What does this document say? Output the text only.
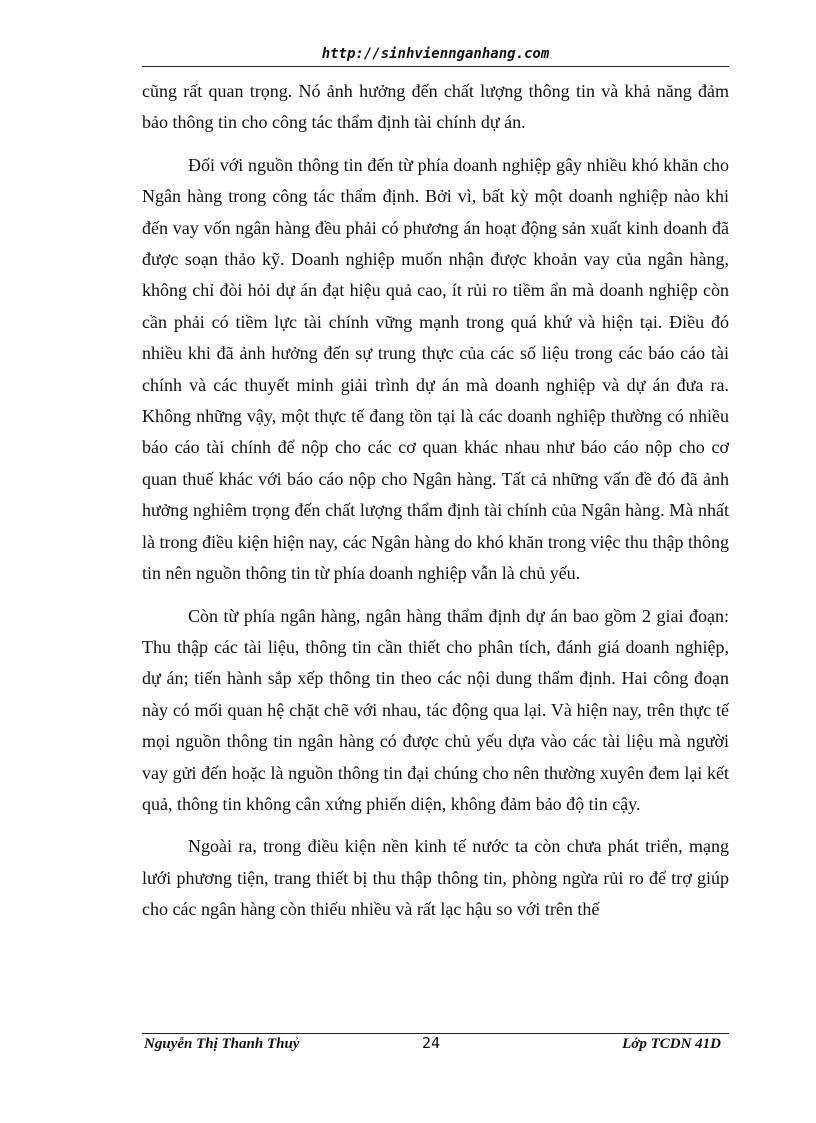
http://sinhviennganhang.com

cũng rất quan trọng. Nó ảnh hưởng đến chất lượng thông tin và khả năng đảm bảo thông tin cho công tác thẩm định tài chính dự án.

Đối với nguồn thông tin đến từ phía doanh nghiệp gây nhiều khó khăn cho Ngân hàng trong công tác thẩm định. Bởi vì, bất kỳ một doanh nghiệp nào khi đến vay vốn ngân hàng đều phải có phương án hoạt động sản xuất kinh doanh đã được soạn thảo kỹ. Doanh nghiệp muốn nhận được khoản vay của ngân hàng, không chỉ đòi hỏi dự án đạt hiệu quả cao, ít rủi ro tiềm ẩn mà doanh nghiệp còn cần phải có tiềm lực tài chính vững mạnh trong quá khứ và hiện tại. Điều đó nhiều khi đã ảnh hưởng đến sự trung thực của các số liệu trong các báo cáo tài chính và các thuyết minh giải trình dự án mà doanh nghiệp và dự án đưa ra. Không những vậy, một thực tế đang tồn tại là các doanh nghiệp thường có nhiều báo cáo tài chính để nộp cho các cơ quan khác nhau như báo cáo nộp cho cơ quan thuế khác với báo cáo nộp cho Ngân hàng. Tất cả những vấn đề đó đã ảnh hưởng nghiêm trọng đến chất lượng thẩm định tài chính của Ngân hàng. Mà nhất là trong điều kiện hiện nay, các Ngân hàng do khó khăn trong việc thu thập thông tin nên nguồn thông tin từ phía doanh nghiệp vẫn là chủ yếu.

Còn từ phía ngân hàng, ngân hàng thẩm định dự án bao gồm 2 giai đoạn: Thu thập các tài liệu, thông tin cần thiết cho phân tích, đánh giá doanh nghiệp, dự án; tiến hành sắp xếp thông tin theo các nội dung thẩm định. Hai công đoạn này có mối quan hệ chặt chẽ với nhau, tác động qua lại. Và hiện nay, trên thực tế mọi nguồn thông tin ngân hàng có được chủ yếu dựa vào các tài liệu mà người vay gửi đến hoặc là nguồn thông tin đại chúng cho nên thường xuyên đem lại kết quả, thông tin không cân xứng phiến diện, không đảm bảo độ tin cậy.

Ngoài ra, trong điều kiện nền kinh tế nước ta còn chưa phát triển, mạng lưới phương tiện, trang thiết bị thu thập thông tin, phòng ngừa rủi ro để trợ giúp cho các ngân hàng còn thiếu nhiều và rất lạc hậu so với trên thế

Nguyễn Thị Thanh Thuỷ	24	Lớp TCDN 41D
